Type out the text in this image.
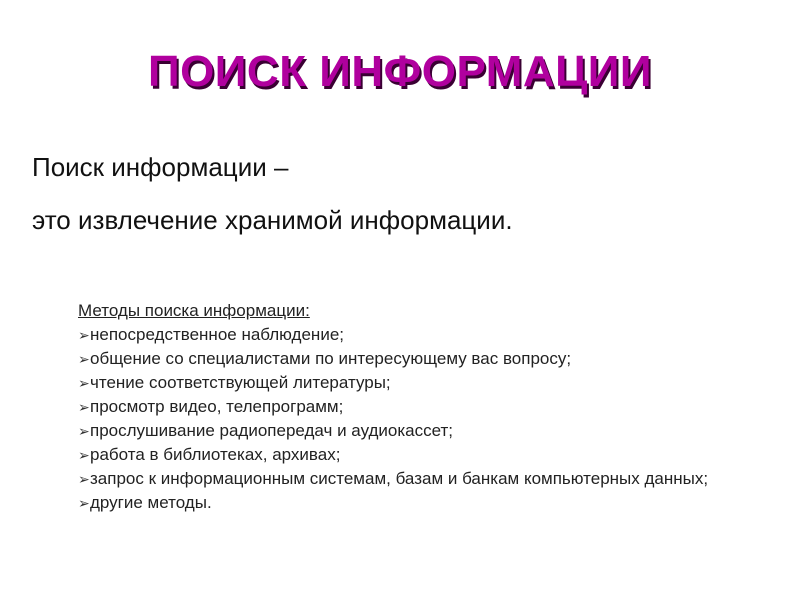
ПОИСК ИНФОРМАЦИИ
Поиск информации –
это извлечение хранимой информации.
Методы поиска информации:
➢ непосредственное наблюдение;
➢ общение со специалистами по интересующему вас вопросу;
➢ чтение соответствующей литературы;
➢ просмотр видео, телепрограмм;
➢ прослушивание радиопередач и аудиокассет;
➢ работа в библиотеках, архивах;
➢ запрос к информационным системам, базам и банкам компьютерных данных;
➢ другие методы.
